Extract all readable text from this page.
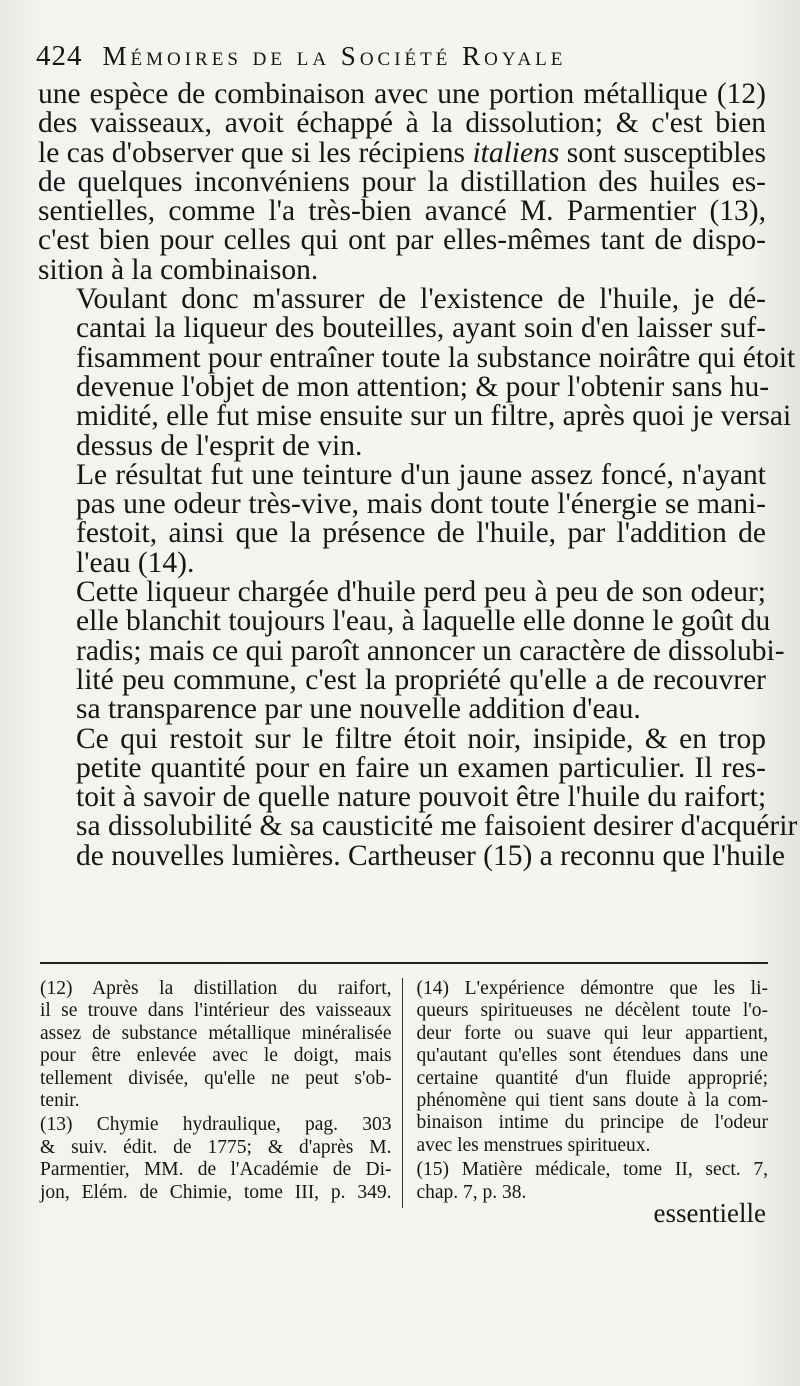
424 Mémoires de la Société Royale

une espèce de combinaison avec une portion métallique (12)
des vaisseaux, avoit échappé à la dissolution; & c'est bien
le cas d'observer que si les récipiens italiens sont susceptibles
de quelques inconvéniens pour la distillation des huiles es-
sentielles, comme l'a très-bien avancé M. Parmentier (13),
c'est bien pour celles qui ont par elles-mêmes tant de dispo-
sition à la combinaison.

Voulant donc m'assurer de l'existence de l'huile, je dé-
cantai la liqueur des bouteilles, ayant soin d'en laisser suf-
fisamment pour entraîner toute la substance noirâtre qui étoit
devenue l'objet de mon attention; & pour l'obtenir sans hu-
midité, elle fut mise ensuite sur un filtre, après quoi je versai
dessus de l'esprit de vin.

Le résultat fut une teinture d'un jaune assez foncé, n'ayant
pas une odeur très-vive, mais dont toute l'énergie se mani-
festoit, ainsi que la présence de l'huile, par l'addition de
l'eau (14).

Cette liqueur chargée d'huile perd peu à peu de son odeur;
elle blanchit toujours l'eau, à laquelle elle donne le goût du
radis; mais ce qui paroît annoncer un caractère de dissolubi-
lité peu commune, c'est la propriété qu'elle a de recouvrer
sa transparence par une nouvelle addition d'eau.

Ce qui restoit sur le filtre étoit noir, insipide, & en trop
petite quantité pour en faire un examen particulier. Il res-
toit à savoir de quelle nature pouvoit être l'huile du raifort;
sa dissolubilité & sa causticité me faisoient desirer d'acquérir
de nouvelles lumières. Cartheuser (15) a reconnu que l'huile

(12) Après la distillation du raifort,
il se trouve dans l'intérieur des vaisseaux
assez de substance métallique minéralisée
pour être enlevée avec le doigt, mais
tellement divisée, qu'elle ne peut s'ob-
tenir.
(13) Chymie hydraulique, pag. 303
& suiv. édit. de 1775; & d'après M.
Parmentier, MM. de l'Académie de Di-
jon, Elém. de Chimie, tome III, p. 349.
(14) L'expérience démontre que les li-
queurs spiritueuses ne décèlent toute l'o-
deur forte ou suave qui leur appartient,
qu'autant qu'elles sont étendues dans une
certaine quantité d'un fluide approprié;
phénomène qui tient sans doute à la com-
binaison intime du principe de l'odeur
avec les menstrues spiritueux.
(15) Matière médicale, tome II, sect. 7,
chap. 7, p. 38.
essentielle
